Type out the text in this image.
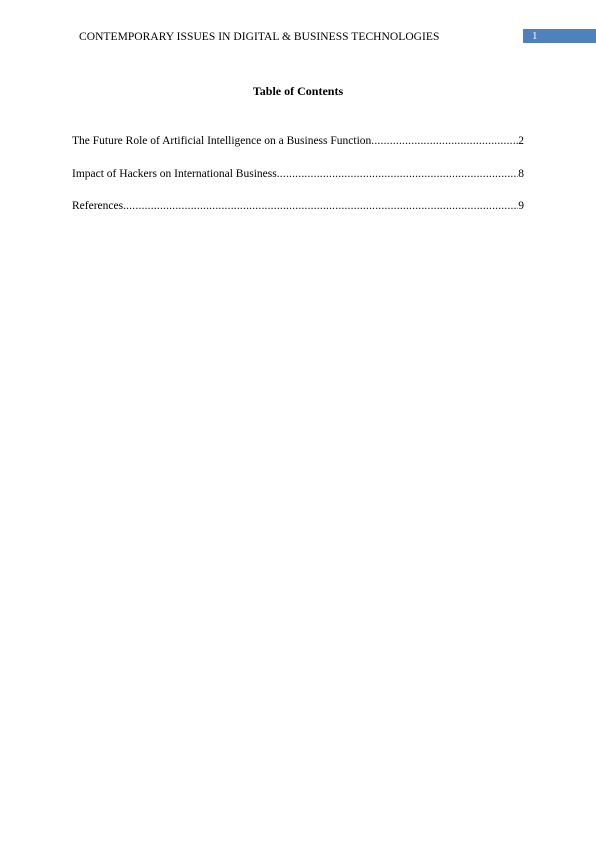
CONTEMPORARY ISSUES IN DIGITAL & BUSINESS TECHNOLOGIES	1
Table of Contents
The Future Role of Artificial Intelligence on a Business Function .....	2
Impact of Hackers on International Business .....	8
References .....	9
